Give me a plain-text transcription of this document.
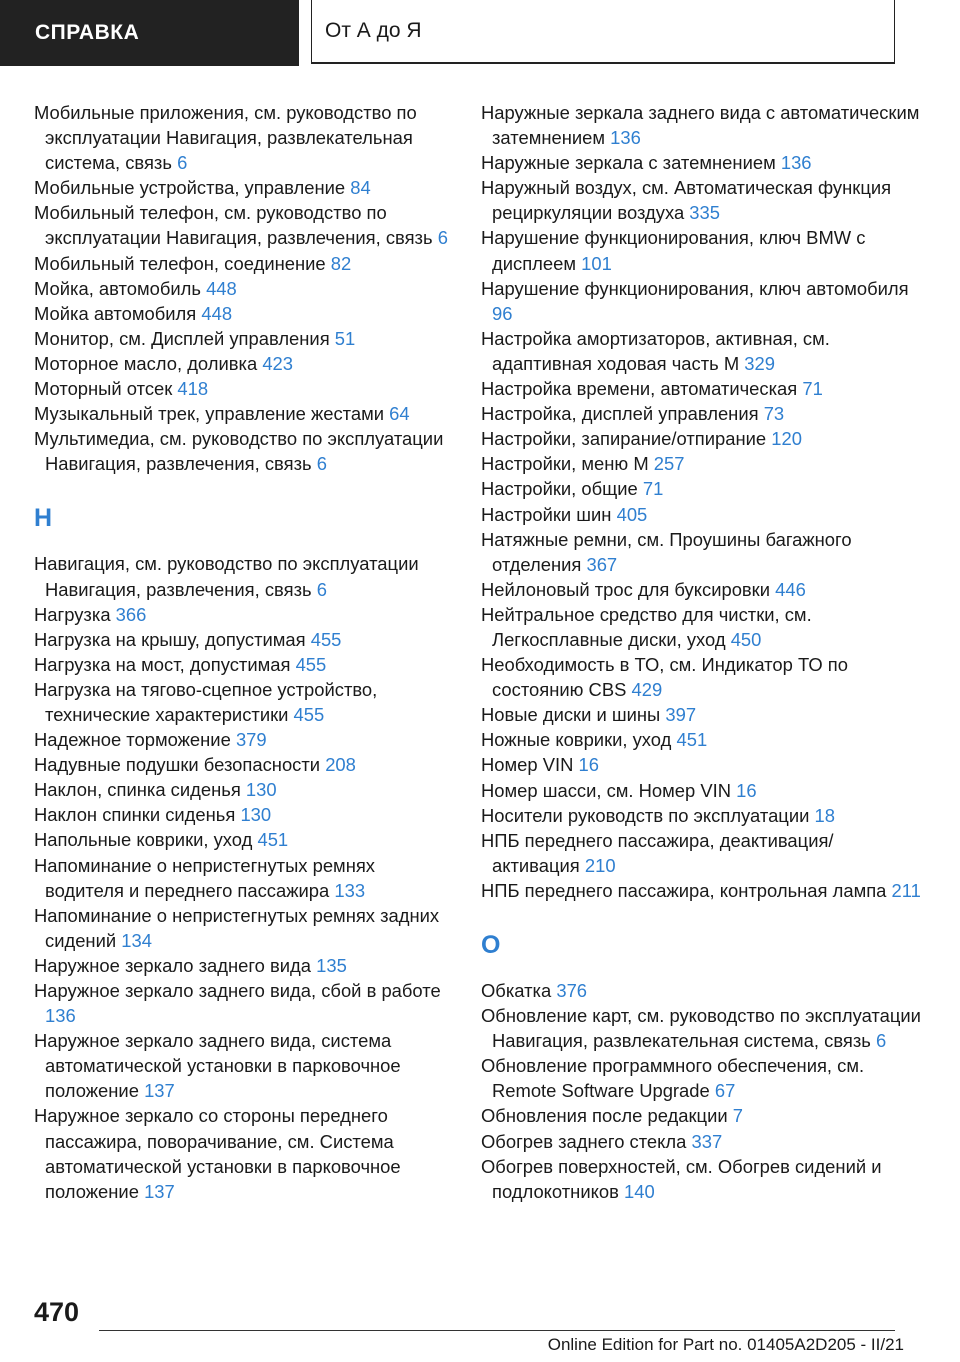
СПРАВКА	От А до Я
Мобильные приложения, см. руководство по эксплуатации Навигация, развлекательная система, связь 6
Мобильные устройства, управление 84
Мобильный телефон, см. руководство по эксплуатации Навигация, развлечения, связь 6
Мобильный телефон, соединение 82
Мойка, автомобиль 448
Мойка автомобиля 448
Монитор, см. Дисплей управления 51
Моторное масло, доливка 423
Моторный отсек 418
Музыкальный трек, управление жестами 64
Мультимедиа, см. руководство по эксплуатации Навигация, развлечения, связь 6
Н
Навигация, см. руководство по эксплуатации Навигация, развлечения, связь 6
Нагрузка 366
Нагрузка на крышу, допустимая 455
Нагрузка на мост, допустимая 455
Нагрузка на тягово-сцепное устройство, технические характеристики 455
Надежное торможение 379
Надувные подушки безопасности 208
Наклон, спинка сиденья 130
Наклон спинки сиденья 130
Напольные коврики, уход 451
Напоминание о непристегнутых ремнях водителя и переднего пассажира 133
Напоминание о непристегнутых ремнях задних сидений 134
Наружное зеркало заднего вида 135
Наружное зеркало заднего вида, сбой в работе 136
Наружное зеркало заднего вида, система автоматической установки в парковочное положение 137
Наружное зеркало со стороны переднего пассажира, поворачивание, см. Система автоматической установки в парковочное положение 137
Наружные зеркала заднего вида с автоматическим затемнением 136
Наружные зеркала с затемнением 136
Наружный воздух, см. Автоматическая функция рециркуляции воздуха 335
Нарушение функционирования, ключ BMW с дисплеем 101
Нарушение функционирования, ключ автомобиля 96
Настройка амортизаторов, активная, см. адаптивная ходовая часть M 329
Настройка времени, автоматическая 71
Настройка, дисплей управления 73
Настройки, запирание/отпирание 120
Настройки, меню M 257
Настройки, общие 71
Настройки шин 405
Натяжные ремни, см. Проушины багажного отделения 367
Нейлоновый трос для буксировки 446
Нейтральное средство для чистки, см. Легкосплавные диски, уход 450
Необходимость в ТО, см. Индикатор ТО по состоянию CBS 429
Новые диски и шины 397
Ножные коврики, уход 451
Номер VIN 16
Номер шасси, см. Номер VIN 16
Носители руководств по эксплуатации 18
НПБ переднего пассажира, деактивация/активация 210
НПБ переднего пассажира, контрольная лампа 211
О
Обкатка 376
Обновление карт, см. руководство по эксплуатации Навигация, развлекательная система, связь 6
Обновление программного обеспечения, см. Remote Software Upgrade 67
Обновления после редакции 7
Обогрев заднего стекла 337
Обогрев поверхностей, см. Обогрев сидений и подлокотников 140
470
Online Edition for Part no. 01405A2D205 - II/21
